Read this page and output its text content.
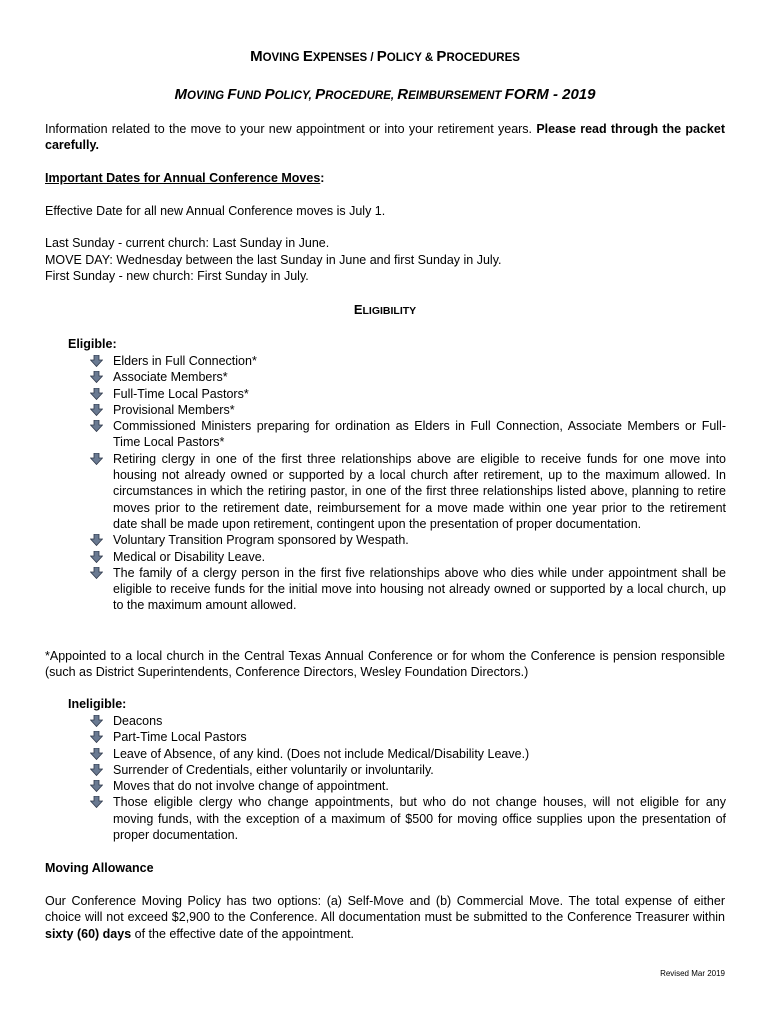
MOVING EXPENSES / POLICY & PROCEDURES
MOVING FUND POLICY, PROCEDURE, REIMBURSEMENT FORM - 2019
Information related to the move to your new appointment or into your retirement years. Please read through the packet carefully.
Important Dates for Annual Conference Moves:
Effective Date for all new Annual Conference moves is July 1.
Last Sunday - current church: Last Sunday in June.
MOVE DAY: Wednesday between the last Sunday in June and first Sunday in July.
First Sunday - new church: First Sunday in July.
ELIGIBILITY
Eligible:
Elders in Full Connection*
Associate Members*
Full-Time Local Pastors*
Provisional Members*
Commissioned Ministers preparing for ordination as Elders in Full Connection, Associate Members or Full-Time Local Pastors*
Retiring clergy in one of the first three relationships above are eligible to receive funds for one move into housing not already owned or supported by a local church after retirement, up to the maximum allowed. In circumstances in which the retiring pastor, in one of the first three relationships listed above, planning to retire moves prior to the retirement date, reimbursement for a move made within one year prior to the retirement date shall be made upon retirement, contingent upon the presentation of proper documentation.
Voluntary Transition Program sponsored by Wespath.
Medical or Disability Leave.
The family of a clergy person in the first five relationships above who dies while under appointment shall be eligible to receive funds for the initial move into housing not already owned or supported by a local church, up to the maximum amount allowed.
*Appointed to a local church in the Central Texas Annual Conference or for whom the Conference is pension responsible (such as District Superintendents, Conference Directors, Wesley Foundation Directors.)
Ineligible:
Deacons
Part-Time Local Pastors
Leave of Absence, of any kind. (Does not include Medical/Disability Leave.)
Surrender of Credentials, either voluntarily or involuntarily.
Moves that do not involve change of appointment.
Those eligible clergy who change appointments, but who do not change houses, will not eligible for any moving funds, with the exception of a maximum of $500 for moving office supplies upon the presentation of proper documentation.
Moving Allowance
Our Conference Moving Policy has two options: (a) Self-Move and (b) Commercial Move. The total expense of either choice will not exceed $2,900 to the Conference. All documentation must be submitted to the Conference Treasurer within sixty (60) days of the effective date of the appointment.
Revised Mar 2019
